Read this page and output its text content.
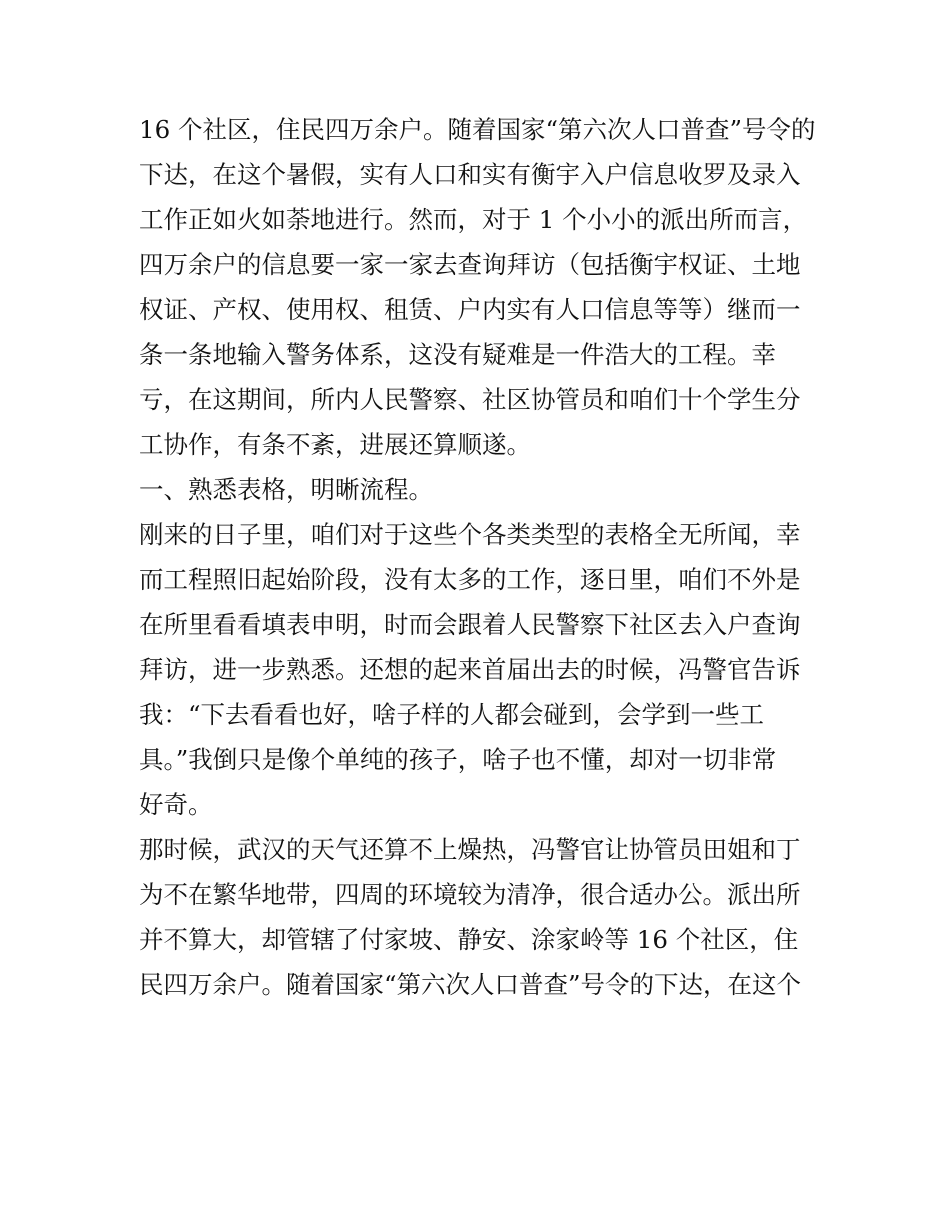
16 个社区，住民四万余户。随着国家“第六次人口普查”号令的
下达，在这个暑假，实有人口和实有衡宇入户信息收罗及录入
工作正如火如荼地进行。然而，对于 1 个小小的派出所而言，
四万余户的信息要一家一家去查询拜访（包括衡宇权证、土地
权证、产权、使用权、租赁、户内实有人口信息等等）继而一
条一条地输入警务体系，这没有疑难是一件浩大的工程。幸
亏，在这期间，所内人民警察、社区协管员和咱们十个学生分
工协作，有条不紊，进展还算顺遂。
一、熟悉表格，明晰流程。
刚来的日子里，咱们对于这些个各类类型的表格全无所闻，幸
而工程照旧起始阶段，没有太多的工作，逐日里，咱们不外是
在所里看看填表申明，时而会跟着人民警察下社区去入户查询
拜访，进一步熟悉。还想的起来首届出去的时候，冯警官告诉
我：“下去看看也好，啥子样的人都会碰到，会学到一些工
具。”我倒只是像个单纯的孩子，啥子也不懂，却对一切非常
好奇。
那时候，武汉的天气还算不上燥热，冯警官让协管员田姐和丁
为不在繁华地带，四周的环境较为清净，很合适办公。派出所
并不算大，却管辖了付家坡、静安、涂家岭等 16 个社区，住
民四万余户。随着国家“第六次人口普查”号令的下达，在这个
